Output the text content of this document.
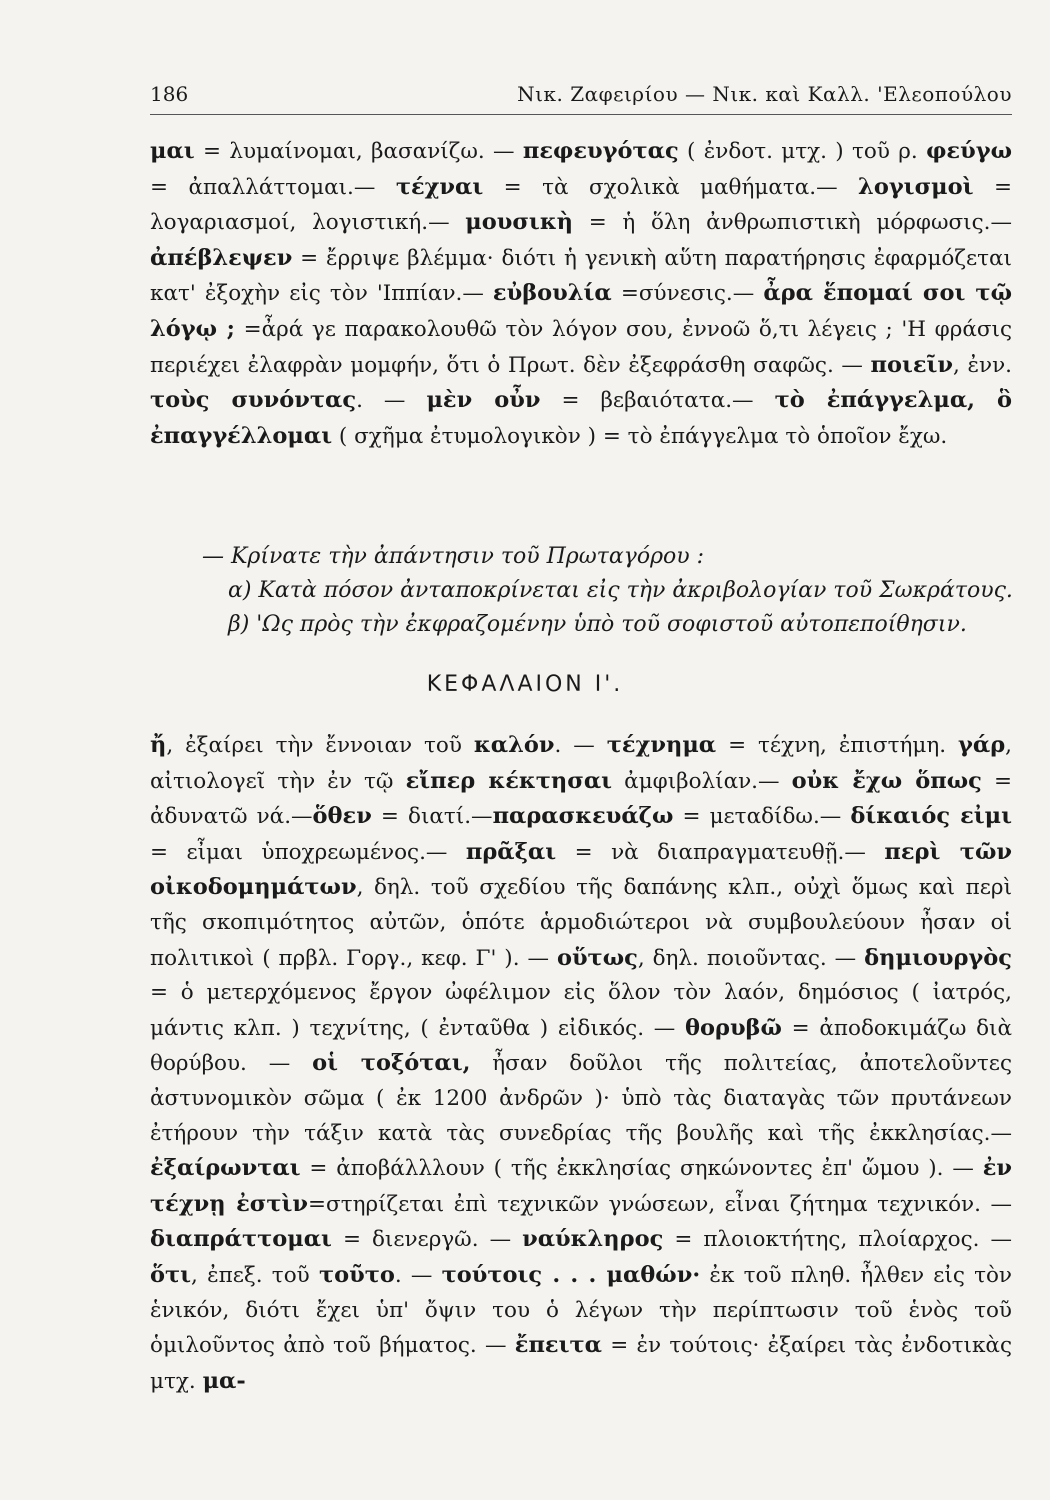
186	Νικ. Ζαφειρίου — Νικ. καὶ Καλλ. 'Ελεοπούλου

μαι = λυμαίνομαι, βασανίζω. — πεφευγότας ( ἐνδοτ. μτχ. ) τοῦ ρ. φεύγω = ἀπαλλάττομαι.— τέχναι = τὰ σχολικὰ μαθήματα.— λογισμοὶ = λογαριασμοί, λογιστική.— μουσικὴ = ἡ ὅλη ἀνθρωπιστικὴ μόρφωσις.— ἀπέβλεψεν = ἔρριψε βλέμμα· διότι ἡ γενικὴ αὕτη παρατήρησις ἐφαρμόζεται κατ' ἐξοχὴν εἰς τὸν 'Ιππίαν.— εὐβουλία =σύνεσις.— ἆρα ἕπομαί σοι τῷ λόγῳ ; =ἆρά γε παρακολουθῶ τὸν λόγον σου, ἐννοῶ ὅ,τι λέγεις ; 'Η φράσις περιέχει ἐλαφρὰν μομφήν, ὅτι ὁ Πρωτ. δὲν ἐξεφράσθη σαφῶς. — ποιεῖν, ἐνν. τοὺς συνόντας. — μὲν οὖν = βεβαιότατα.— τὸ ἐπάγγελμα, ὃ ἐπαγγέλλομαι ( σχῆμα ἐτυμολογικὸν ) = τὸ ἐπάγγελμα τὸ ὁποῖον ἔχω.

— Κρίνατε τὴν ἀπάντησιν τοῦ Πρωταγόρου :
α) Κατὰ πόσον ἀνταποκρίνεται εἰς τὴν ἀκριβολογίαν τοῦ Σωκράτους.
β) 'Ως πρὸς τὴν ἐκφραζομένην ὑπὸ τοῦ σοφιστοῦ αὐτοπεποίθησιν.
ΚΕΦΑΛΑΙΟΝ Ι'.

ἤ, ἐξαίρει τὴν ἔννοιαν τοῦ καλόν. — τέχνημα = τέχνη, ἐπιστήμη. γάρ, αἰτιολογεῖ τὴν ἐν τῷ εἴπερ κέκτησαι ἀμφιβολίαν.— οὐκ ἔχω ὅπως = ἀδυνατῶ νά.—ὅθεν = διατί.—παρασκευάζω = μεταδίδω.— δίκαιός εἰμι = εἶμαι ὑποχρεωμένος.— πρᾶξαι = νὰ διαπραγματευθῇ.— περὶ τῶν οἰκοδομημάτων, δηλ. τοῦ σχεδίου τῆς δαπάνης κλπ., οὐχὶ ὅμως καὶ περὶ τῆς σκοπιμότητος αὐτῶν, ὁπότε ἁρμοδιώτεροι νὰ συμβουλεύουν ἦσαν οἱ πολιτικοὶ ( πρβλ. Γοργ., κεφ. Γ' ). — οὕτως, δηλ. ποιοῦντας. — δημιουργὸς = ὁ μετερχόμενος ἔργον ὠφέλιμον εἰς ὅλον τὸν λαόν, δημόσιος ( ἰατρός, μάντις κλπ. ) τεχνίτης, ( ἐνταῦθα ) εἰδικός. — θορυβῶ = ἀποδοκιμάζω διὰ θορύβου. — οἱ τοξόται, ἦσαν δοῦλοι τῆς πολιτείας, ἀποτελοῦντες ἀστυνομικὸν σῶμα ( ἐκ 1200 ἀνδρῶν )· ὑπὸ τὰς διαταγὰς τῶν πρυτάνεων ἐτήρουν τὴν τάξιν κατὰ τὰς συνεδρίας τῆς βουλῆς καὶ τῆς ἐκκλησίας.— ἐξαίρωνται = ἀποβάλλλουν ( τῆς ἐκκλησίας σηκώνοντες ἐπ' ὤμου ). — ἐν τέχνῃ ἐστὶν=στηρίζεται ἐπὶ τεχνικῶν γνώσεων, εἶναι ζήτημα τεχνικόν. — διαπράττομαι = διενεργῶ. — ναύκληρος = πλοιοκτήτης, πλοίαρχος. — ὅτι, ἐπεξ. τοῦ τοῦτο. — τούτοις . . . μαθών· ἐκ τοῦ πληθ. ἦλθεν εἰς τὸν ἑνικόν, διότι ἔχει ὑπ' ὄψιν του ὁ λέγων τὴν περίπτωσιν τοῦ ἑνὸς τοῦ ὁμιλοῦντος ἀπὸ τοῦ βήματος. — ἔπειτα = ἐν τούτοις· ἐξαίρει τὰς ἐνδοτικὰς μτχ. μα-
